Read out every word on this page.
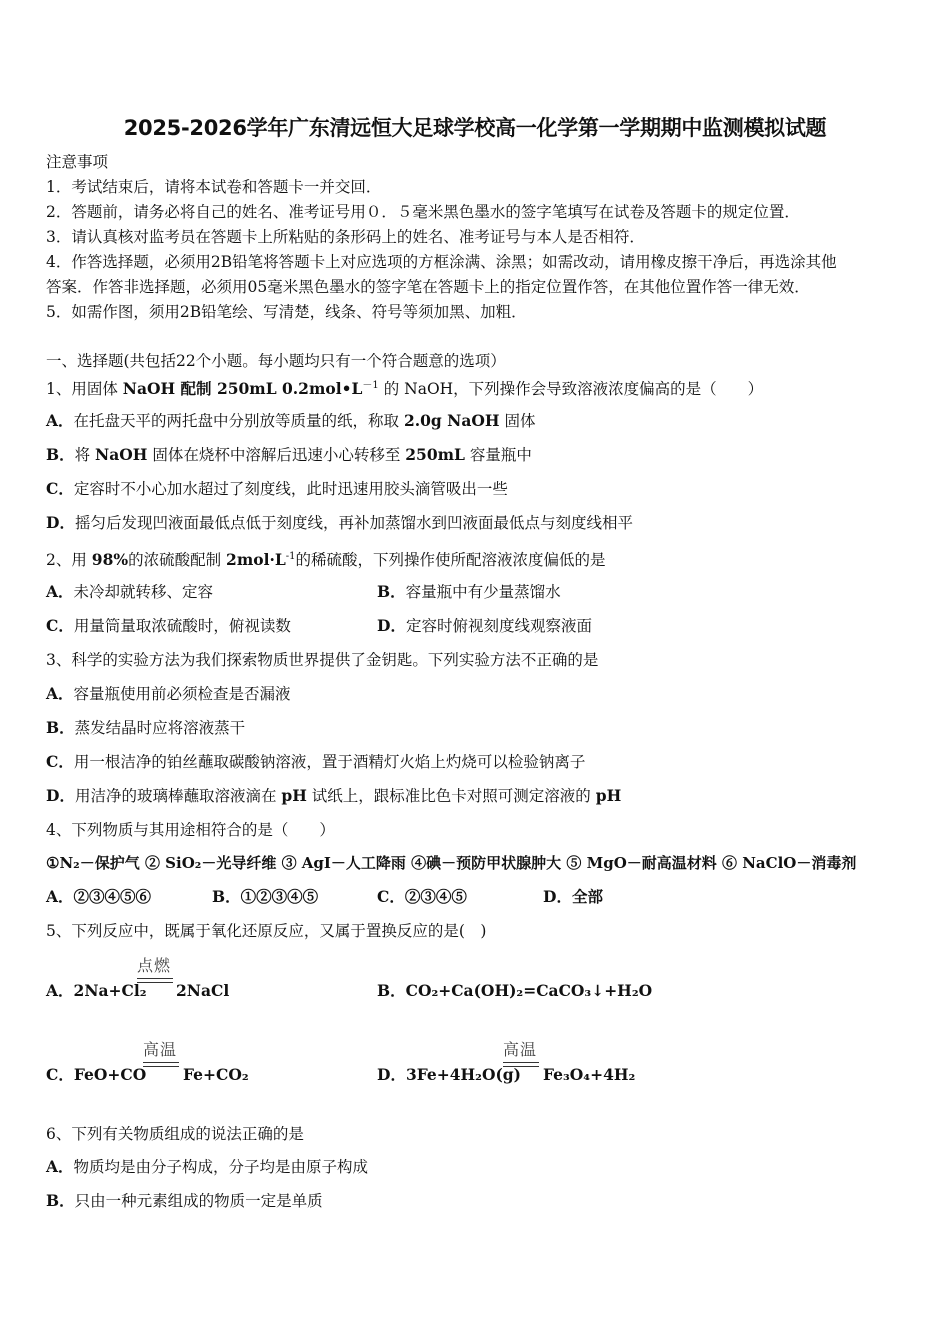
2025-2026学年广东清远恒大足球学校高一化学第一学期期中监测模拟试题
注意事项
1．考试结束后，请将本试卷和答题卡一并交回．
2．答题前，请务必将自己的姓名、准考证号用０．５毫米黑色墨水的签字笔填写在试卷及答题卡的规定位置．
3．请认真核对监考员在答题卡上所粘贴的条形码上的姓名、准考证号与本人是否相符．
4．作答选择题，必须用2B铅笔将答题卡上对应选项的方框涂满、涂黑；如需改动，请用橡皮擦干净后，再选涂其他
答案．作答非选择题，必须用05毫米黑色墨水的签字笔在答题卡上的指定位置作答，在其他位置作答一律无效．
5．如需作图，须用2B铅笔绘、写清楚，线条、符号等须加黑、加粗．
一、选择题(共包括22个小题。每小题均只有一个符合题意的选项）
1、用固体 NaOH 配制 250mL $0.2mol•L^{-1}$ 的 NaOH，下列操作会导致溶液浓度偏高的是（　　）
A．在托盘天平的两托盘中分别放等质量的纸，称取 2.0g NaOH 固体
B．将 NaOH 固体在烧杯中溶解后迅速小心转移至 250mL 容量瓶中
C．定容时不小心加水超过了刻度线，此时迅速用胶头滴管吸出一些
D．摇匀后发现凹液面最低点低于刻度线，再补加蒸馏水到凹液面最低点与刻度线相平
2、用 98%的浓硫酸配制 $2mol\cdot L^{-1}$的稀硫酸，下列操作使所配溶液浓度偏低的是
A．未冷却就转移、定容	B．容量瓶中有少量蒸馏水
C．用量筒量取浓硫酸时，俯视读数	D．定容时俯视刻度线观察液面
3、科学的实验方法为我们探索物质世界提供了金钥匙。下列实验方法不正确的是
A．容量瓶使用前必须检查是否漏液
B．蒸发结晶时应将溶液蒸干
C．用一根洁净的铂丝蘸取碳酸钠溶液，置于酒精灯火焰上灼烧可以检验钠离子
D．用洁净的玻璃棒蘸取溶液滴在 pH 试纸上，跟标准比色卡对照可测定溶液的 pH
4、下列物质与其用途相符合的是（　　）
①N₂－保护气 ② SiO₂－光导纤维 ③ AgI－人工降雨 ④碘－预防甲状腺肿大 ⑤ MgO－耐高温材料 ⑥ NaClO－消毒剂
A．②③④⑤⑥	B．①②③④⑤	C．②③④⑤	D．全部
5、下列反应中，既属于氧化还原反应，又属于置换反应的是(　)
A．2Na+Cl₂
点燃
2NaCl	B．CO₂+Ca(OH)₂=CaCO₃↓+H₂O
C．FeO+CO
高温
Fe+CO₂	D．3Fe+4H₂O(g)
高温
Fe₃O₄+4H₂
6、下列有关物质组成的说法正确的是
A．物质均是由分子构成，分子均是由原子构成
B．只由一种元素组成的物质一定是单质
